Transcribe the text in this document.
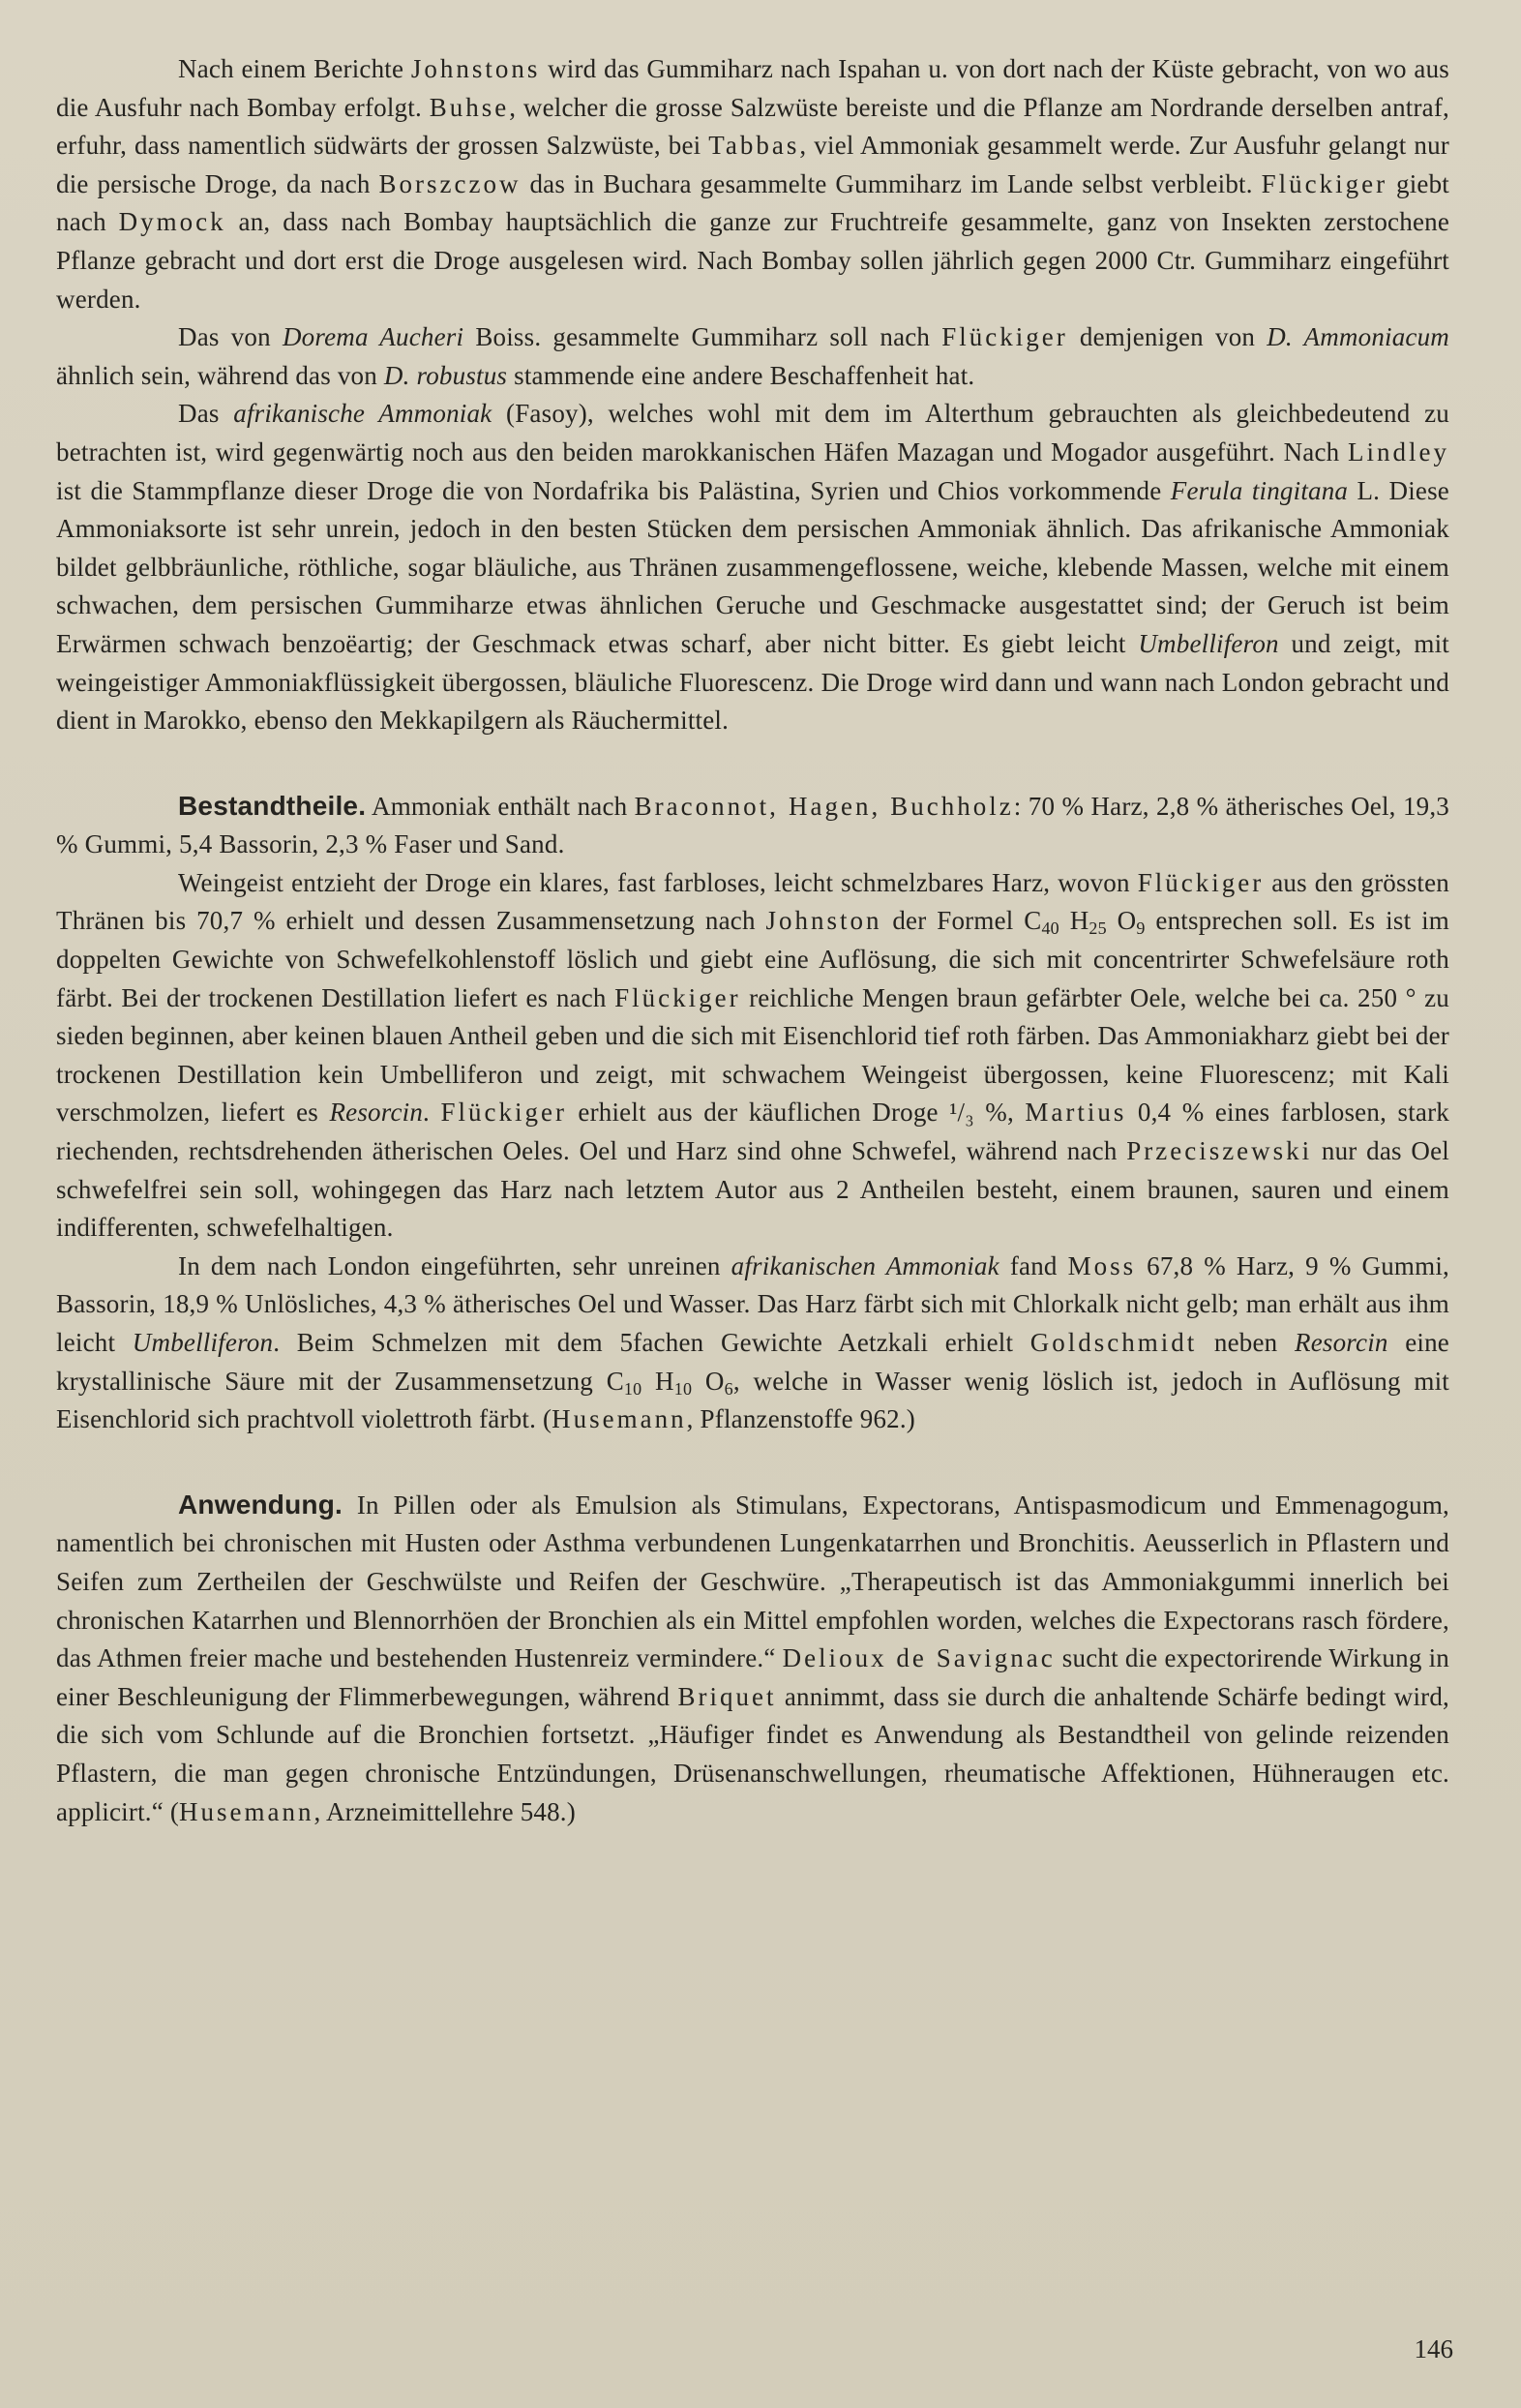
Nach einem Berichte Johnstons wird das Gummiharz nach Ispahan u. von dort nach der Küste gebracht, von wo aus die Ausfuhr nach Bombay erfolgt. Buhse, welcher die grosse Salzwüste bereiste und die Pflanze am Nordrande derselben antraf, erfuhr, dass namentlich südwärts der grossen Salzwüste, bei Tabbas, viel Ammoniak gesammelt werde. Zur Ausfuhr gelangt nur die persische Droge, da nach Borszczow das in Buchara gesammelte Gummiharz im Lande selbst verbleibt. Flückiger giebt nach Dymock an, dass nach Bombay hauptsächlich die ganze zur Fruchtreife gesammelte, ganz von Insekten zerstochene Pflanze gebracht und dort erst die Droge ausgelesen wird. Nach Bombay sollen jährlich gegen 2000 Ctr. Gummiharz eingeführt werden.

Das von Dorema Aucheri Boiss. gesammelte Gummiharz soll nach Flückiger demjenigen von D. Ammoniacum ähnlich sein, während das von D. robustus stammende eine andere Beschaffenheit hat.

Das afrikanische Ammoniak (Fasoy), welches wohl mit dem im Alterthum gebrauchten als gleichbedeutend zu betrachten ist, wird gegenwärtig noch aus den beiden marokkanischen Häfen Mazagan und Mogador ausgeführt. Nach Lindley ist die Stammpflanze dieser Droge die von Nordafrika bis Palästina, Syrien und Chios vorkommende Ferula tingitana L. Diese Ammoniaksorte ist sehr unrein, jedoch in den besten Stücken dem persischen Ammoniak ähnlich. Das afrikanische Ammoniak bildet gelbbräunliche, röthliche, sogar bläuliche, aus Thränen zusammengeflossene, weiche, klebende Massen, welche mit einem schwachen, dem persischen Gummiharze etwas ähnlichen Geruche und Geschmacke ausgestattet sind; der Geruch ist beim Erwärmen schwach benzoëartig; der Geschmack etwas scharf, aber nicht bitter. Es giebt leicht Umbelliferon und zeigt, mit weingeistiger Ammoniakflüssigkeit übergossen, bläuliche Fluorescenz. Die Droge wird dann und wann nach London gebracht und dient in Marokko, ebenso den Mekkapilgern als Räuchermittel.

Bestandtheile. Ammoniak enthält nach Braconnot, Hagen, Buchholz: 70 % Harz, 2,8 % ätherisches Oel, 19,3 % Gummi, 5,4 Bassorin, 2,3 % Faser und Sand.

Weingeist entzieht der Droge ein klares, fast farbloses, leicht schmelzbares Harz, wovon Flückiger aus den grössten Thränen bis 70,7 % erhielt und dessen Zusammensetzung nach Johnston der Formel $C_{40}$ $H_{25}$ $O_9$ entsprechen soll. Es ist im doppelten Gewichte von Schwefelkohlenstoff löslich und giebt eine Auflösung, die sich mit concentrirter Schwefelsäure roth färbt. Bei der trockenen Destillation liefert es nach Flückiger reichliche Mengen braun gefärbter Oele, welche bei ca. 250 ° zu sieden beginnen, aber keinen blauen Antheil geben und die sich mit Eisenchlorid tief roth färben. Das Ammoniakharz giebt bei der trockenen Destillation kein Umbelliferon und zeigt, mit schwachem Weingeist übergossen, keine Fluorescenz; mit Kali verschmolzen, liefert es Resorcin. Flückiger erhielt aus der käuflichen Droge ¹/₃ %, Martius 0,4 % eines farblosen, stark riechenden, rechtsdrehenden ätherischen Oeles. Oel und Harz sind ohne Schwefel, während nach Przeciszewski nur das Oel schwefelfrei sein soll, wohingegen das Harz nach letztem Autor aus 2 Antheilen besteht, einem braunen, sauren und einem indifferenten, schwefelhaltigen.

In dem nach London eingeführten, sehr unreinen afrikanischen Ammoniak fand Moss 67,8 % Harz, 9 % Gummi, Bassorin, 18,9 % Unlösliches, 4,3 % ätherisches Oel und Wasser. Das Harz färbt sich mit Chlorkalk nicht gelb; man erhält aus ihm leicht Umbelliferon. Beim Schmelzen mit dem 5fachen Gewichte Aetzkali erhielt Goldschmidt neben Resorcin eine krystallinische Säure mit der Zusammensetzung $C_{10}$ $H_{10}$ $O_6$, welche in Wasser wenig löslich ist, jedoch in Auflösung mit Eisenchlorid sich prachtvoll violettroth färbt. (Husemann, Pflanzenstoffe 962.)

Anwendung. In Pillen oder als Emulsion als Stimulans, Expectorans, Antispasmodicum und Emmenagogum, namentlich bei chronischen mit Husten oder Asthma verbundenen Lungenkatarrhen und Bronchitis. Aeusserlich in Pflastern und Seifen zum Zertheilen der Geschwülste und Reifen der Geschwüre. „Therapeutisch ist das Ammoniakgummi innerlich bei chronischen Katarrhen und Blennorrhöen der Bronchien als ein Mittel empfohlen worden, welches die Expectorans rasch fördere, das Athmen freier mache und bestehenden Hustenreiz vermindere.“ Delioux de Savignac sucht die expectorirende Wirkung in einer Beschleunigung der Flimmerbewegungen, während Briquet annimmt, dass sie durch die anhaltende Schärfe bedingt wird, die sich vom Schlunde auf die Bronchien fortsetzt. „Häufiger findet es Anwendung als Bestandtheil von gelinde reizenden Pflastern, die man gegen chronische Entzündungen, Drüsenanschwellungen, rheumatische Affektionen, Hühneraugen etc. applicirt.“ (Husemann, Arzneimittellehre 548.)

146
